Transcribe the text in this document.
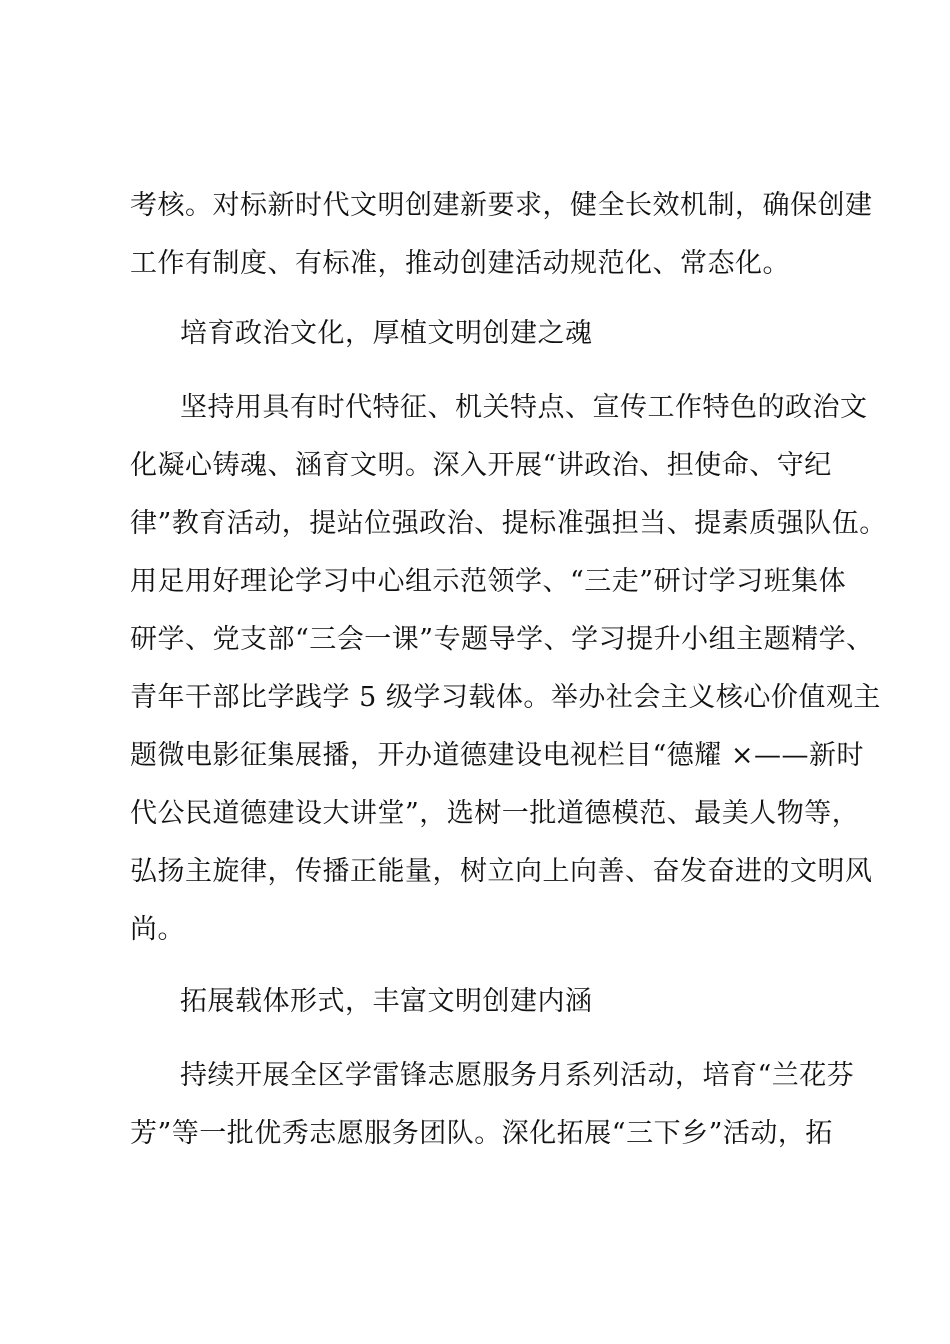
考核。对标新时代文明创建新要求，健全长效机制，确保创建
工作有制度、有标准，推动创建活动规范化、常态化。
培育政治文化，厚植文明创建之魂
坚持用具有时代特征、机关特点、宣传工作特色的政治文
化凝心铸魂、涵育文明。深入开展“讲政治、担使命、守纪
律”教育活动，提站位强政治、提标准强担当、提素质强队伍。
用足用好理论学习中心组示范领学、“三走”研讨学习班集体
研学、党支部“三会一课”专题导学、学习提升小组主题精学、
青年干部比学践学 5 级学习载体。举办社会主义核心价值观主
题微电影征集展播，开办道德建设电视栏目“德耀 ×——新时
代公民道德建设大讲堂”，选树一批道德模范、最美人物等，
弘扬主旋律，传播正能量，树立向上向善、奋发奋进的文明风
尚。
拓展载体形式，丰富文明创建内涵
持续开展全区学雷锋志愿服务月系列活动，培育“兰花芬
芳”等一批优秀志愿服务团队。深化拓展“三下乡”活动，拓
